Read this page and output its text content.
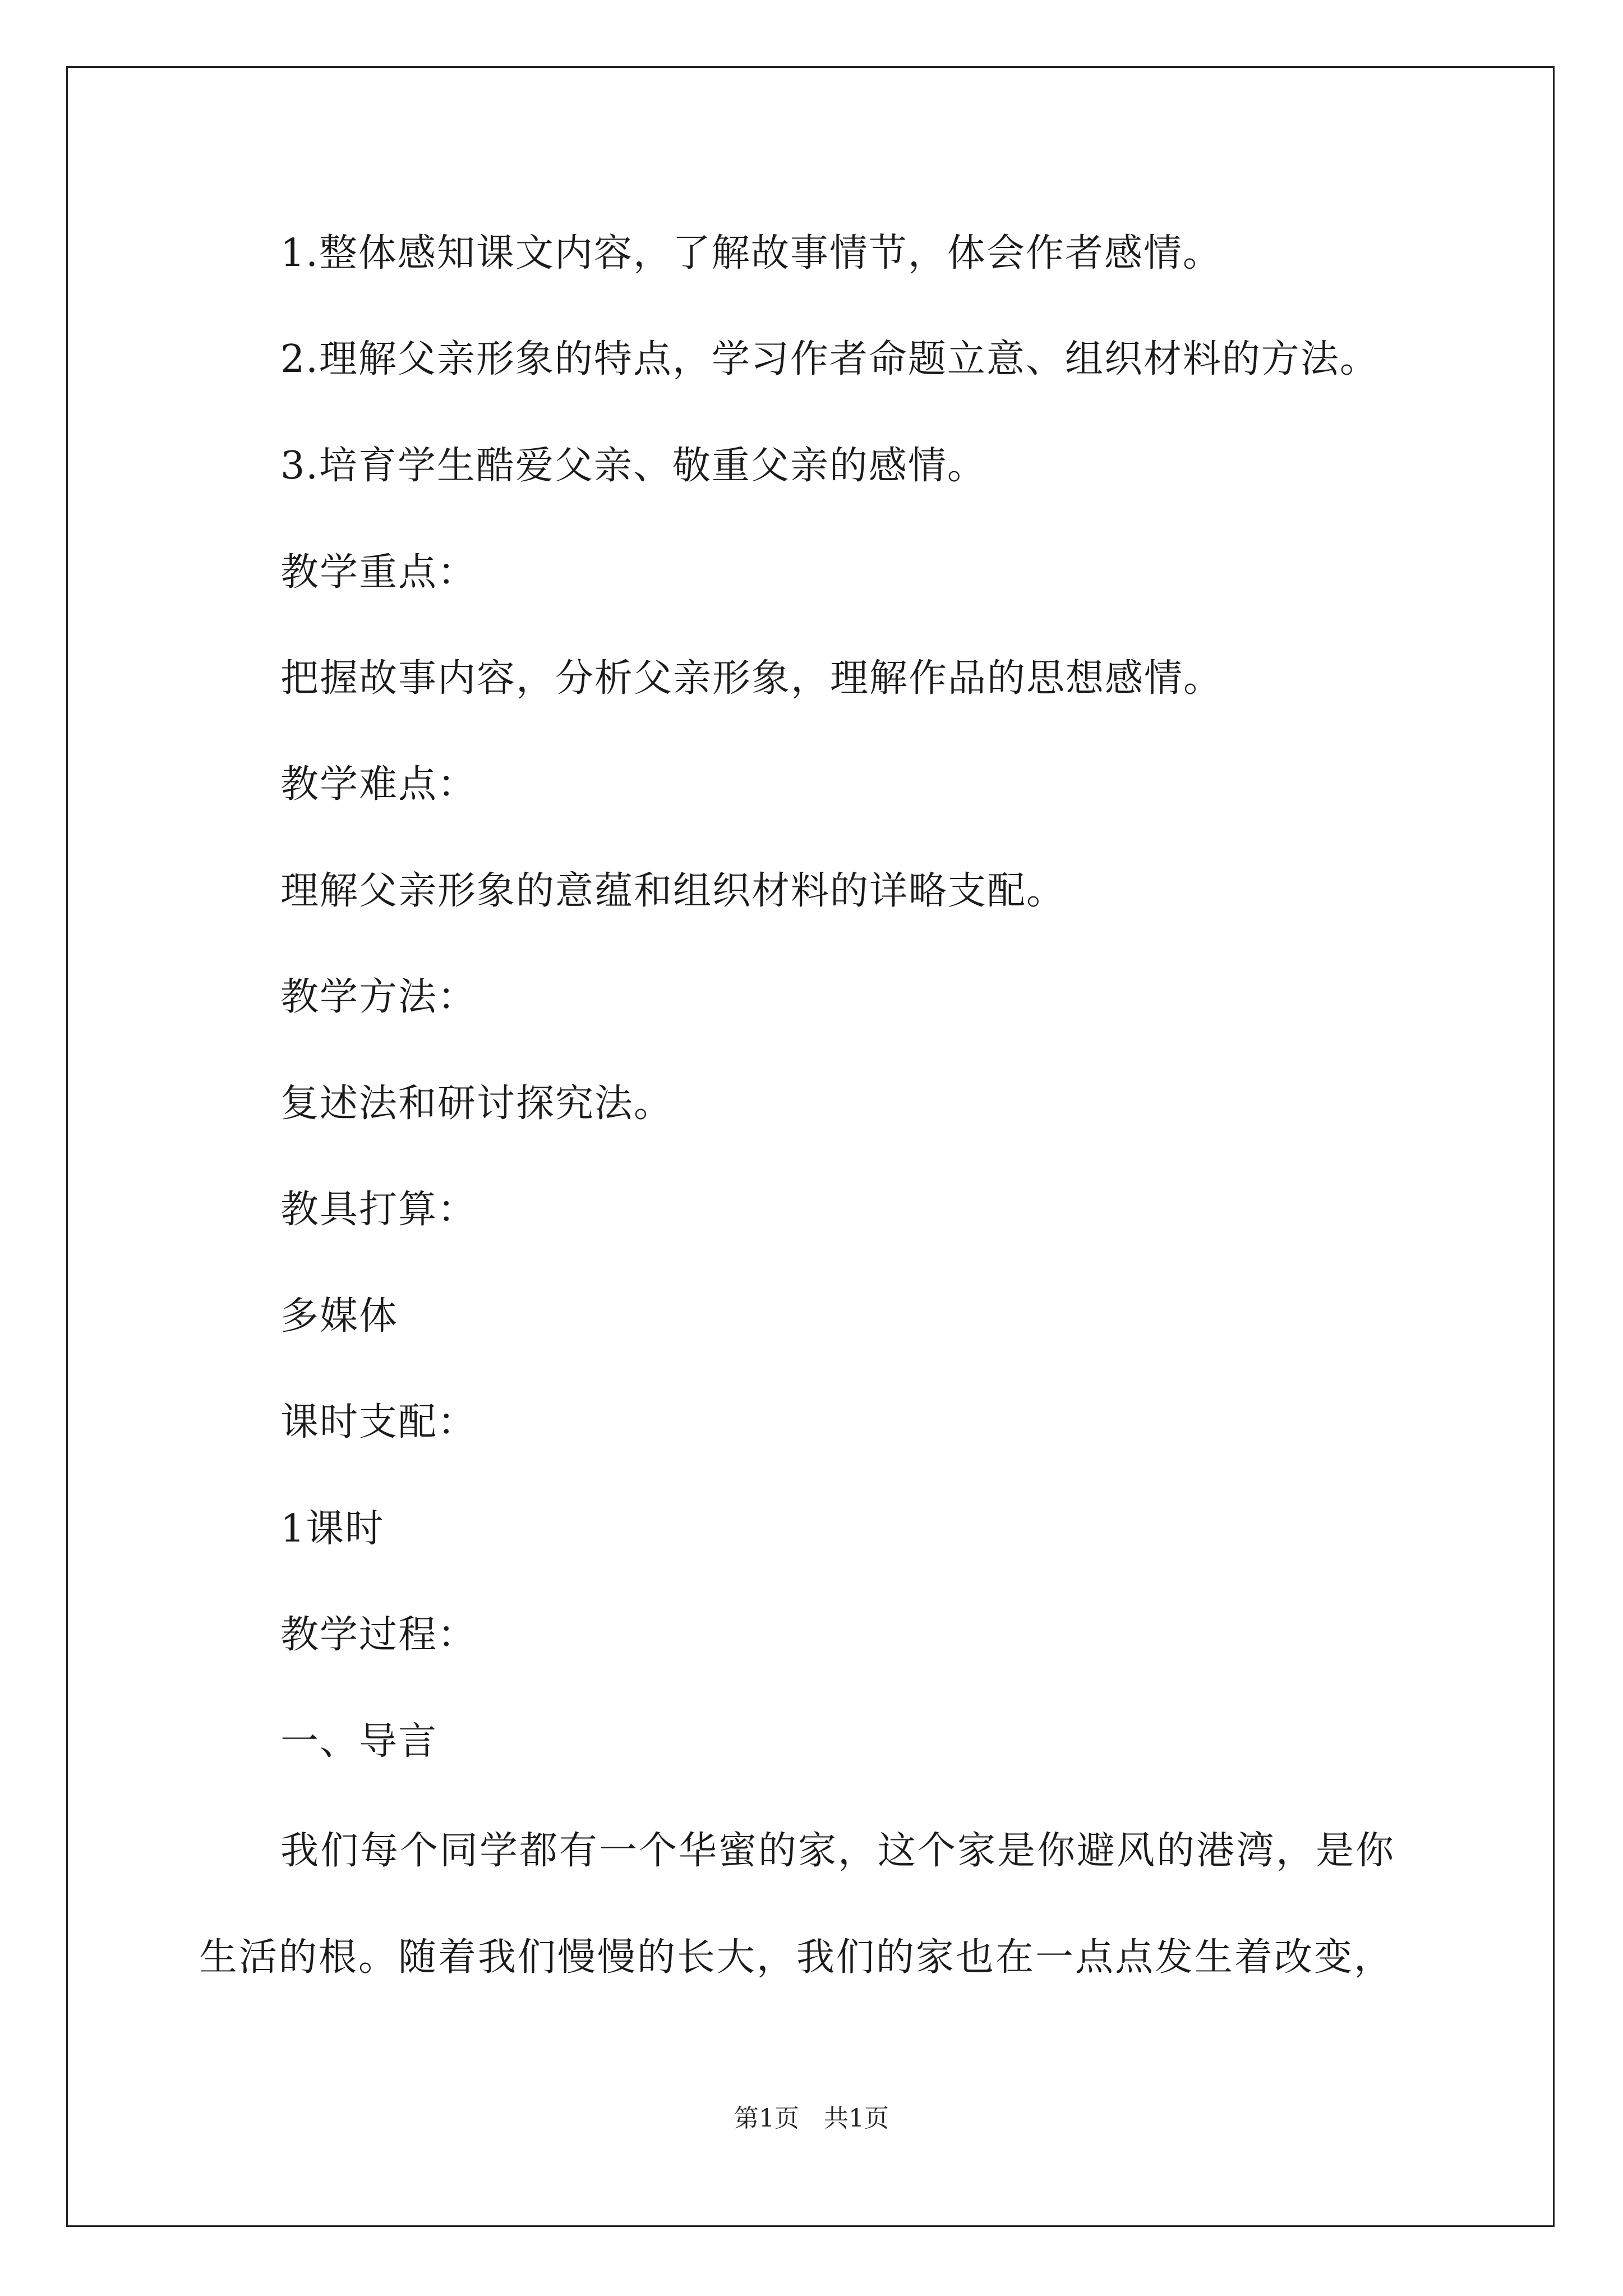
1.整体感知课文内容，了解故事情节，体会作者感情。
2.理解父亲形象的特点，学习作者命题立意、组织材料的方法。
3.培育学生酷爱父亲、敬重父亲的感情。
教学重点：
把握故事内容，分析父亲形象，理解作品的思想感情。
教学难点：
理解父亲形象的意蕴和组织材料的详略支配。
教学方法：
复述法和研讨探究法。
教具打算：
多媒体
课时支配：
1课时
教学过程：
一、导言
我们每个同学都有一个华蜜的家，这个家是你避风的港湾，是你生活的根。随着我们慢慢的长大，我们的家也在一点点发生着改变，
第1页　共1页
